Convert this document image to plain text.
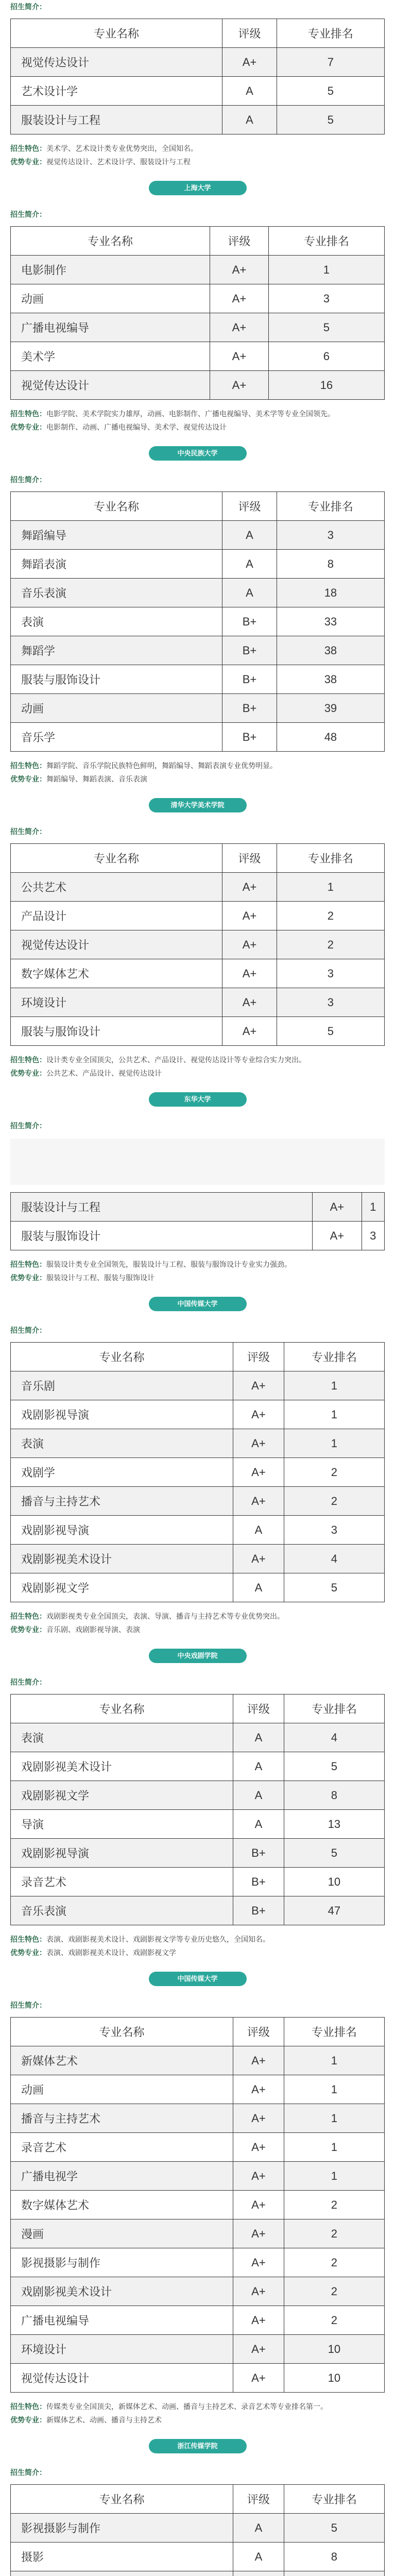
招生简介：
专业名称	评级	专业排名
视觉传达设计	A+	7
艺术设计学	A	5
服装设计与工程	A	5
招生特色：美术学、艺术设计类专业优势突出，全国知名。
优势专业：视觉传达设计、艺术设计学、服装设计与工程
上海大学
招生简介：
专业名称	评级	专业排名
电影制作	A+	1
动画	A+	3
广播电视编导	A+	5
美术学	A+	6
视觉传达设计	A+	16
招生特色：电影学院、美术学院实力雄厚，动画、电影制作、广播电视编导、美术学等专业全国领先。
优势专业：电影制作、动画、广播电视编导、美术学、视觉传达设计
中央民族大学
招生简介：
专业名称	评级	专业排名
舞蹈编导	A	3
舞蹈表演	A	8
音乐表演	A	18
表演	B+	33
舞蹈学	B+	38
服装与服饰设计	B+	38
动画	B+	39
音乐学	B+	48
招生特色：舞蹈学院、音乐学院民族特色鲜明，舞蹈编导、舞蹈表演专业优势明显。
优势专业：舞蹈编导、舞蹈表演、音乐表演
清华大学美术学院
招生简介：
专业名称	评级	专业排名
公共艺术	A+	1
产品设计	A+	2
视觉传达设计	A+	2
数字媒体艺术	A+	3
环境设计	A+	3
服装与服饰设计	A+	5
招生特色：设计类专业全国顶尖，公共艺术、产品设计、视觉传达设计等专业综合实力突出。
优势专业：公共艺术、产品设计、视觉传达设计
东华大学
招生简介：
服装设计与工程	A+	1
服装与服饰设计	A+	3
招生特色：服装设计类专业全国领先，服装设计与工程、服装与服饰设计专业实力强劲。
优势专业：服装设计与工程、服装与服饰设计
中国传媒大学
招生简介：
专业名称	评级	专业排名
音乐剧	A+	1
戏剧影视导演	A+	1
表演	A+	1
戏剧学	A+	2
播音与主持艺术	A+	2
戏剧影视导演	A	3
戏剧影视美术设计	A+	4
戏剧影视文学	A	5
招生特色：戏剧影视类专业全国顶尖，表演、导演、播音与主持艺术等专业优势突出。
优势专业：音乐剧、戏剧影视导演、表演
中央戏剧学院
招生简介：
专业名称	评级	专业排名
表演	A	4
戏剧影视美术设计	A	5
戏剧影视文学	A	8
导演	A	13
戏剧影视导演	B+	5
录音艺术	B+	10
音乐表演	B+	47
招生特色：表演、戏剧影视美术设计、戏剧影视文学等专业历史悠久，全国知名。
优势专业：表演、戏剧影视美术设计、戏剧影视文学
中国传媒大学
招生简介：
专业名称	评级	专业排名
新媒体艺术	A+	1
动画	A+	1
播音与主持艺术	A+	1
录音艺术	A+	1
广播电视学	A+	1
数字媒体艺术	A+	2
漫画	A+	2
影视摄影与制作	A+	2
戏剧影视美术设计	A+	2
广播电视编导	A+	2
环境设计	A+	10
视觉传达设计	A+	10
招生特色：传媒类专业全国顶尖，新媒体艺术、动画、播音与主持艺术、录音艺术等专业排名第一。
优势专业：新媒体艺术、动画、播音与主持艺术
浙江传媒学院
招生简介：
专业名称	评级	专业排名
影视摄影与制作	A	5
摄影	A	8
